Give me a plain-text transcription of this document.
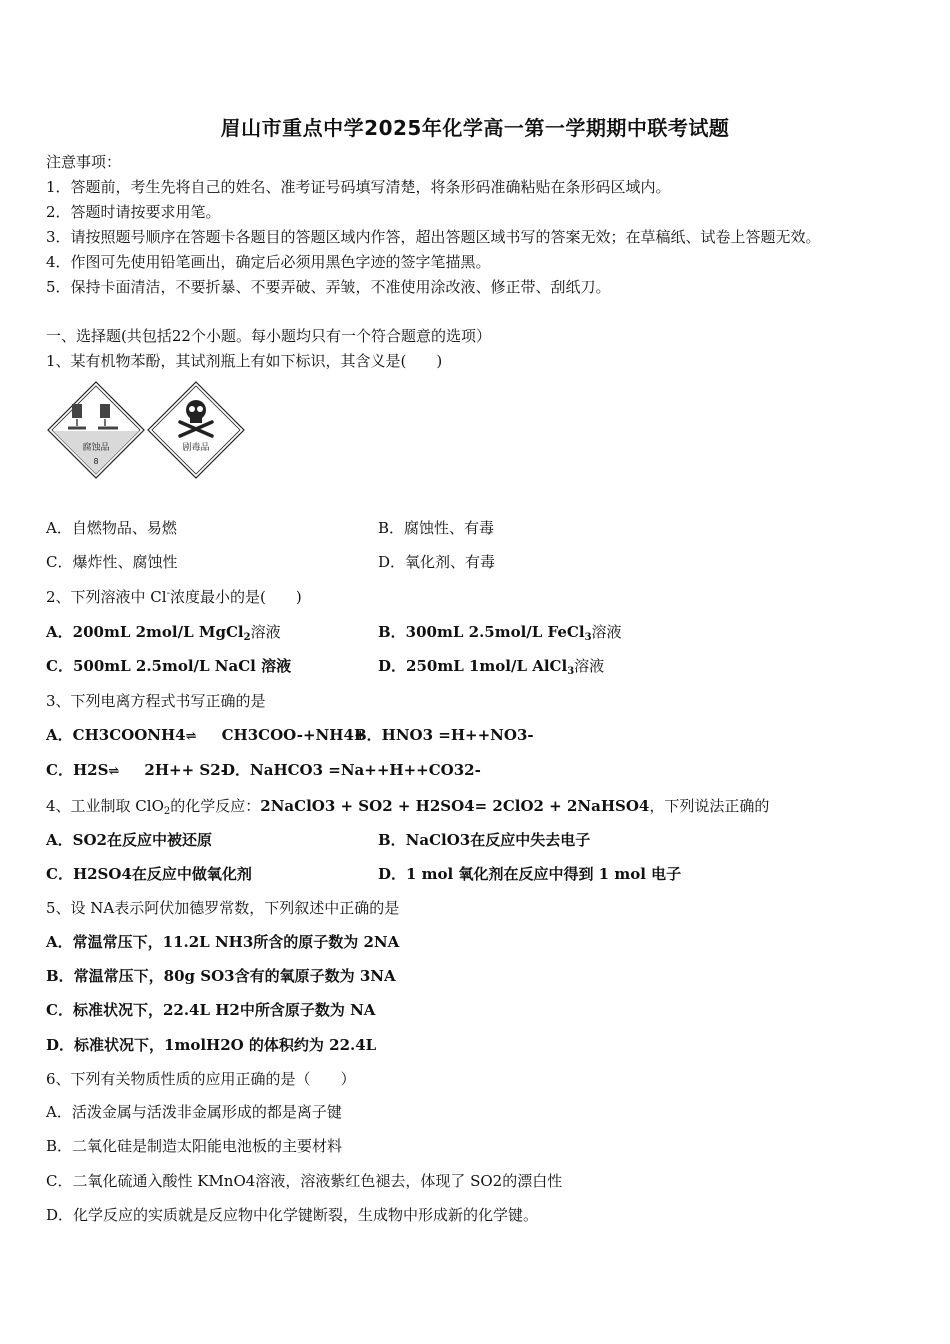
眉山市重点中学2025年化学高一第一学期期中联考试题
注意事项：
1．答题前，考生先将自己的姓名、准考证号码填写清楚，将条形码准确粘贴在条形码区域内。
2．答题时请按要求用笔。
3．请按照题号顺序在答题卡各题目的答题区域内作答，超出答题区域书写的答案无效；在草稿纸、试卷上答题无效。
4．作图可先使用铅笔画出，确定后必须用黑色字迹的签字笔描黑。
5．保持卡面清洁，不要折暴、不要弄破、弄皱，不准使用涂改液、修正带、刮纸刀。
一、选择题(共包括22个小题。每小题均只有一个符合题意的选项）
1、某有机物苯酚，其试剂瓶上有如下标识，其含义是(　　)
腐蚀品
8
剧毒品
A．自燃物品、易燃	B．腐蚀性、有毒
C．爆炸性、腐蚀性	D．氧化剂、有毒
2、下列溶液中 Cl-浓度最小的是(　　)
A．200mL 2mol/L MgCl$_2$溶液	B．300mL 2.5mol/L FeCl$_3$溶液
C．500mL 2.5mol/L NaCl 溶液	D．250mL 1mol/L AlCl$_3$溶液
3、下列电离方程式书写正确的是
A．CH3COONH4⇌ CH3COO-+NH4+
B．HNO3 =H++NO3-
C．H2S⇌ 2H++ S2-
D．NaHCO3 =Na++H++CO32-
4、工业制取 ClO$_2$的化学反应：2NaClO3 + SO2 + H2SO4= 2ClO2 + 2NaHSO4，下列说法正确的
A．SO2在反应中被还原	B．NaClO3在反应中失去电子
C．H2SO4在反应中做氧化剂	D．1 mol 氧化剂在反应中得到 1 mol 电子
5、设 NA表示阿伏加德罗常数，下列叙述中正确的是
A．常温常压下，11.2L NH3所含的原子数为 2NA
B．常温常压下，80g SO3含有的氧原子数为 3NA
C．标准状况下，22.4L H2中所含原子数为 NA
D．标准状况下，1molH2O 的体积约为 22.4L
6、下列有关物质性质的应用正确的是（　　）
A．活泼金属与活泼非金属形成的都是离子键
B．二氧化硅是制造太阳能电池板的主要材料
C．二氧化硫通入酸性 KMnO4溶液，溶液紫红色褪去，体现了 SO2的漂白性
D．化学反应的实质就是反应物中化学键断裂，生成物中形成新的化学键。
